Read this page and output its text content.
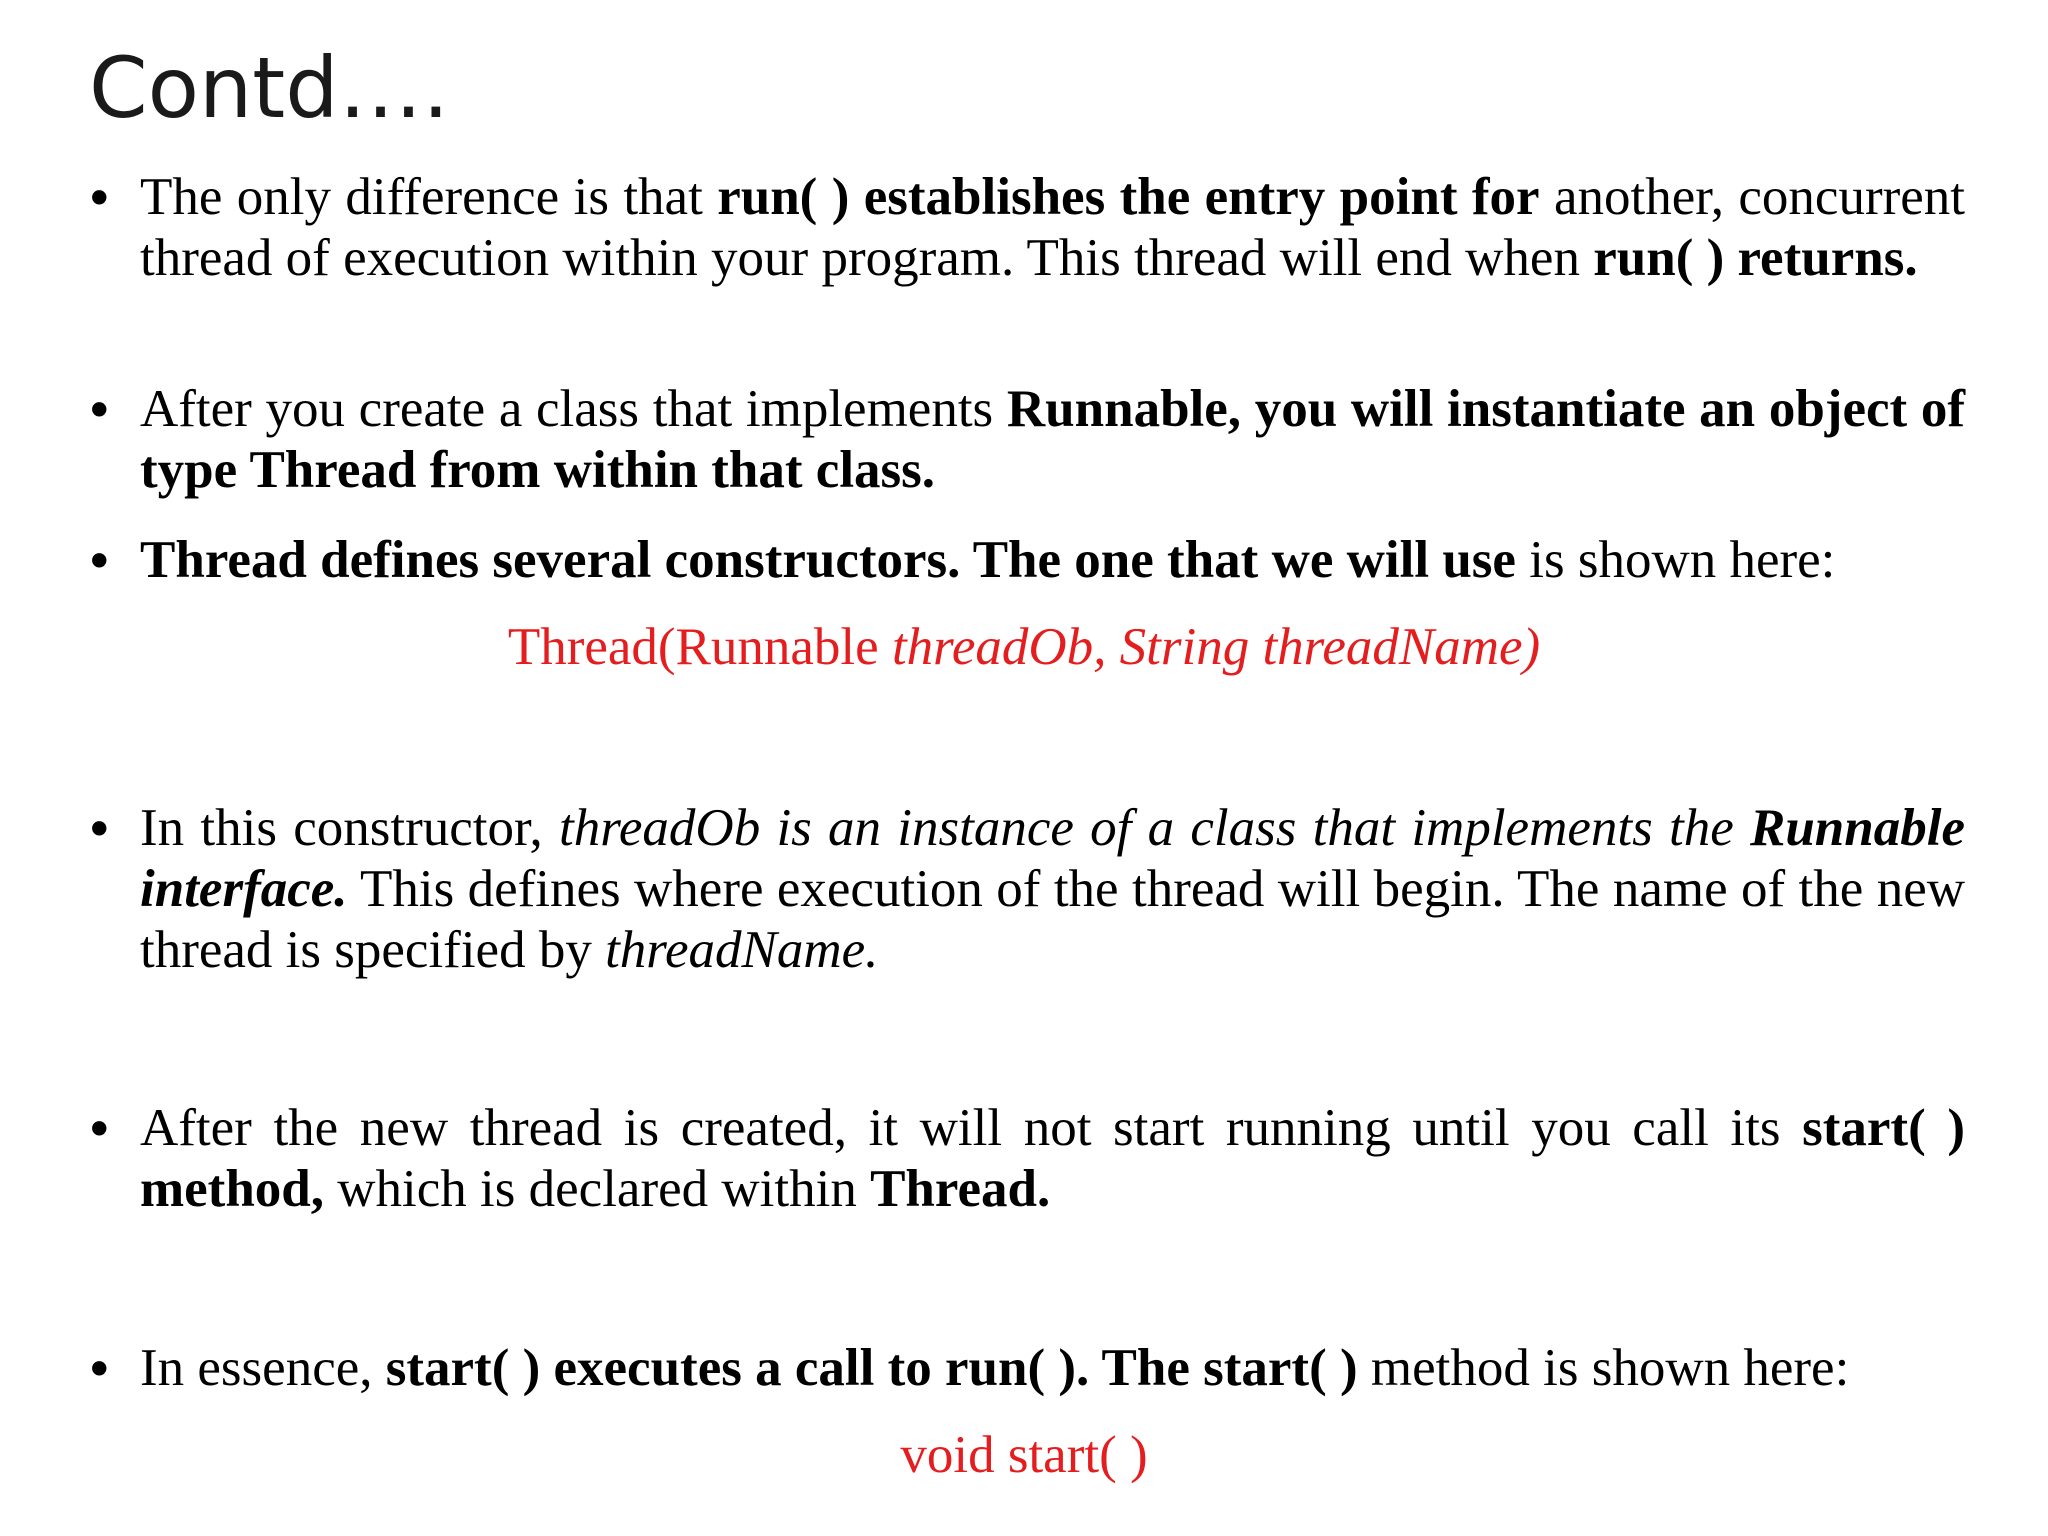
Contd….
• The only difference is that run( ) establishes the entry point for another, concurrent thread of execution within your program. This thread will end when run( ) returns.

• After you create a class that implements Runnable, you will instantiate an object of type Thread from within that class.

• Thread defines several constructors. The one that we will use is shown here:

Thread(Runnable threadOb, String threadName)
• In this constructor, threadOb is an instance of a class that implements the Runnable interface. This defines where execution of the thread will begin. The name of the new thread is specified by threadName.

• After the new thread is created, it will not start running until you call its start( ) method, which is declared within Thread.

• In essence, start( ) executes a call to run( ). The start( ) method is shown here:

void start( )
